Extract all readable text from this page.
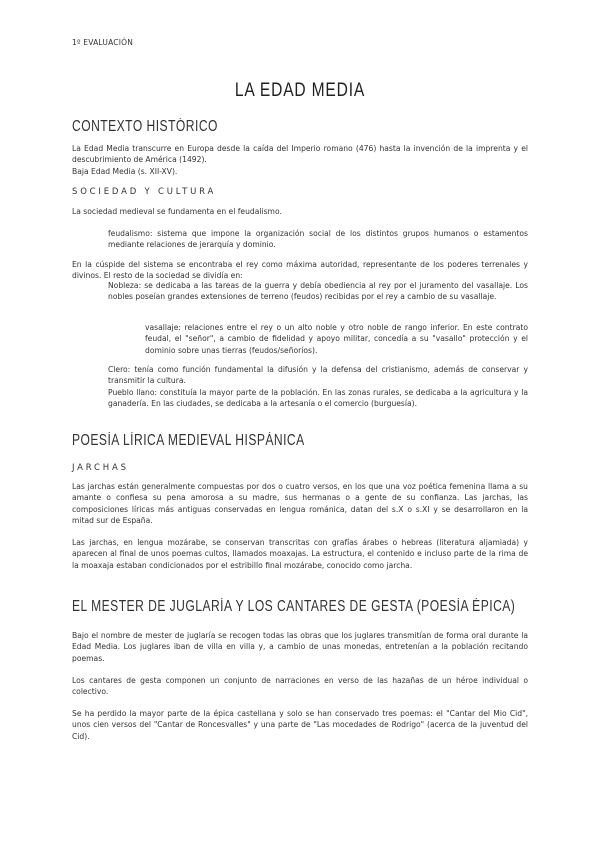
1º EVALUACIÓN
LA EDAD MEDIA
CONTEXTO HISTÓRICO
La Edad Media transcurre en Europa desde la caída del Imperio romano (476) hasta la invención de la imprenta y el descubrimiento de América (1492).
Baja Edad Media (s. XII-XV).
SOCIEDAD Y CULTURA
La sociedad medieval se fundamenta en el feudalismo.
feudalismo: sistema que impone la organización social de los distintos grupos humanos o estamentos mediante relaciones de jerarquía y dominio.
En la cúspide del sistema se encontraba el rey como máxima autoridad, representante de los poderes terrenales y divinos. El resto de la sociedad se dividía en:
Nobleza: se dedicaba a las tareas de la guerra y debía obediencia al rey por el juramento del vasallaje. Los nobles poseían grandes extensiones de terreno (feudos) recibidas por el rey a cambio de su vasallaje.
vasallaje: relaciones entre el rey o un alto noble y otro noble de rango inferior. En este contrato feudal, el "señor", a cambio de fidelidad y apoyo militar, concedía a su "vasallo" protección y el dominio sobre unas tierras (feudos/señoríos).
Clero: tenía como función fundamental la difusión y la defensa del cristianismo, además de conservar y transmitir la cultura.
Pueblo llano: constituía la mayor parte de la población. En las zonas rurales, se dedicaba a la agricultura y la ganadería. En las ciudades, se dedicaba a la artesanía o el comercio (burguesía).
POESÍA LÍRICA MEDIEVAL HISPÁNICA
JARCHAS
Las jarchas están generalmente compuestas por dos o cuatro versos, en los que una voz poética femenina llama a su amante o confiesa su pena amorosa a su madre, sus hermanas o a gente de su confianza. Las jarchas, las composiciones líricas más antiguas conservadas en lengua románica, datan del s.X o s.XI y se desarrollaron en la mitad sur de España.
Las jarchas, en lengua mozárabe, se conservan transcritas con grafías árabes o hebreas (literatura aljamiada) y aparecen al final de unos poemas cultos, llamados moaxajas. La estructura, el contenido e incluso parte de la rima de la moaxaja estaban condicionados por el estribillo final mozárabe, conocido como jarcha.
EL MESTER DE JUGLARÍA Y LOS CANTARES DE GESTA (POESÍA ÉPICA)
Bajo el nombre de mester de juglaría se recogen todas las obras que los juglares transmitían de forma oral durante la Edad Media. Los juglares iban de villa en villa y, a cambio de unas monedas, entretenían a la población recitando poemas.
Los cantares de gesta componen un conjunto de narraciones en verso de las hazañas de un héroe individual o colectivo.
Se ha perdido la mayor parte de la épica castellana y solo se han conservado tres poemas: el "Cantar del Mio Cid", unos cien versos del "Cantar de Roncesvalles" y una parte de "Las mocedades de Rodrigo" (acerca de la juventud del Cid).
